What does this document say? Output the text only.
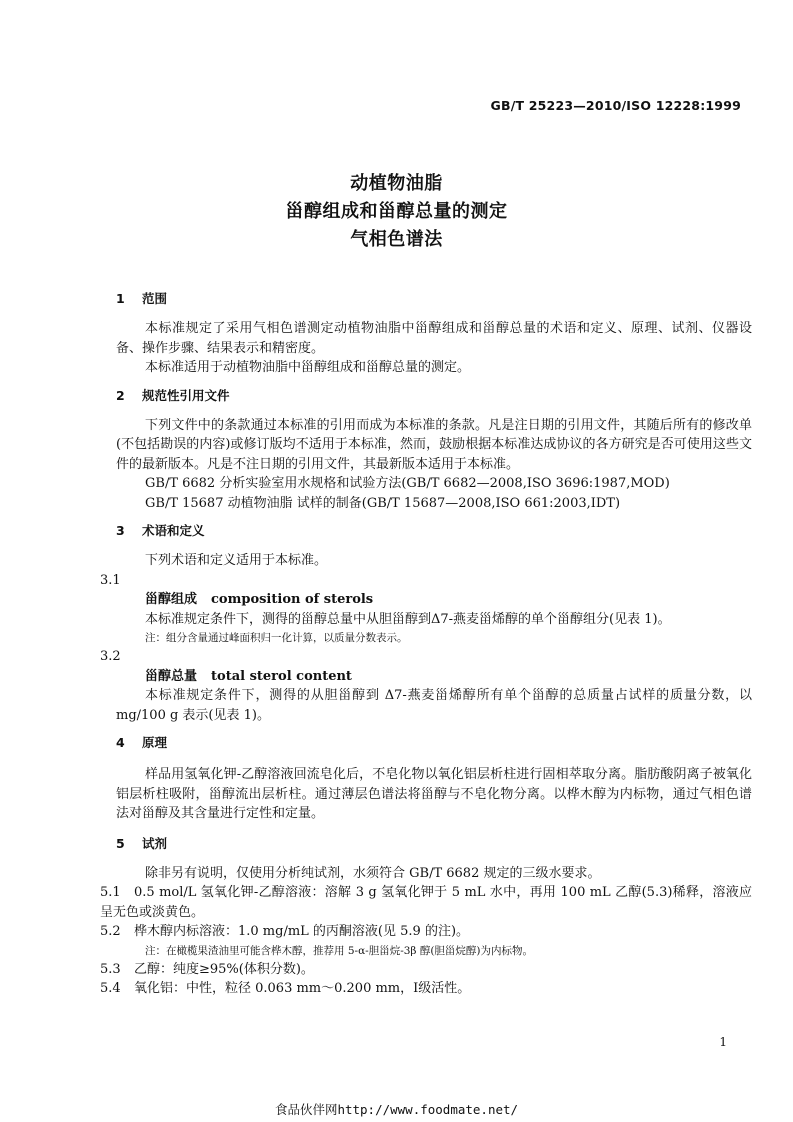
GB/T 25223—2010/ISO 12228:1999
动植物油脂
甾醇组成和甾醇总量的测定
气相色谱法
1 范围
本标准规定了采用气相色谱测定动植物油脂中甾醇组成和甾醇总量的术语和定义、原理、试剂、仪器设备、操作步骤、结果表示和精密度。
本标准适用于动植物油脂中甾醇组成和甾醇总量的测定。
2 规范性引用文件
下列文件中的条款通过本标准的引用而成为本标准的条款。凡是注日期的引用文件，其随后所有的修改单(不包括勘误的内容)或修订版均不适用于本标准，然而，鼓励根据本标准达成协议的各方研究是否可使用这些文件的最新版本。凡是不注日期的引用文件，其最新版本适用于本标准。
GB/T 6682 分析实验室用水规格和试验方法(GB/T 6682—2008,ISO 3696:1987,MOD)
GB/T 15687 动植物油脂 试样的制备(GB/T 15687—2008,ISO 661:2003,IDT)
3 术语和定义
下列术语和定义适用于本标准。
3.1
甾醇组成 composition of sterols
本标准规定条件下，测得的甾醇总量中从胆甾醇到Δ7-燕麦甾烯醇的单个甾醇组分(见表 1)。
注：组分含量通过峰面积归一化计算，以质量分数表示。
3.2
甾醇总量 total sterol content
本标准规定条件下，测得的从胆甾醇到 Δ7-燕麦甾烯醇所有单个甾醇的总质量占试样的质量分数，以 mg/100 g 表示(见表 1)。
4 原理
样品用氢氧化钾-乙醇溶液回流皂化后，不皂化物以氧化铝层析柱进行固相萃取分离。脂肪酸阴离子被氧化铝层析柱吸附，甾醇流出层析柱。通过薄层色谱法将甾醇与不皂化物分离。以桦木醇为内标物，通过气相色谱法对甾醇及其含量进行定性和定量。
5 试剂
除非另有说明，仅使用分析纯试剂，水须符合 GB/T 6682 规定的三级水要求。
5.1 0.5 mol/L 氢氧化钾-乙醇溶液：溶解 3 g 氢氧化钾于 5 mL 水中，再用 100 mL 乙醇(5.3)稀释，溶液应呈无色或淡黄色。
5.2 桦木醇内标溶液：1.0 mg/mL 的丙酮溶液(见 5.9 的注)。
注：在橄榄果渣油里可能含桦木醇，推荐用 5-α-胆甾烷-3β 醇(胆甾烷醇)为内标物。
5.3 乙醇：纯度≥95%(体积分数)。
5.4 氧化铝：中性，粒径 0.063 mm～0.200 mm，Ⅰ级活性。
1
食品伙伴网http://www.foodmate.net/
